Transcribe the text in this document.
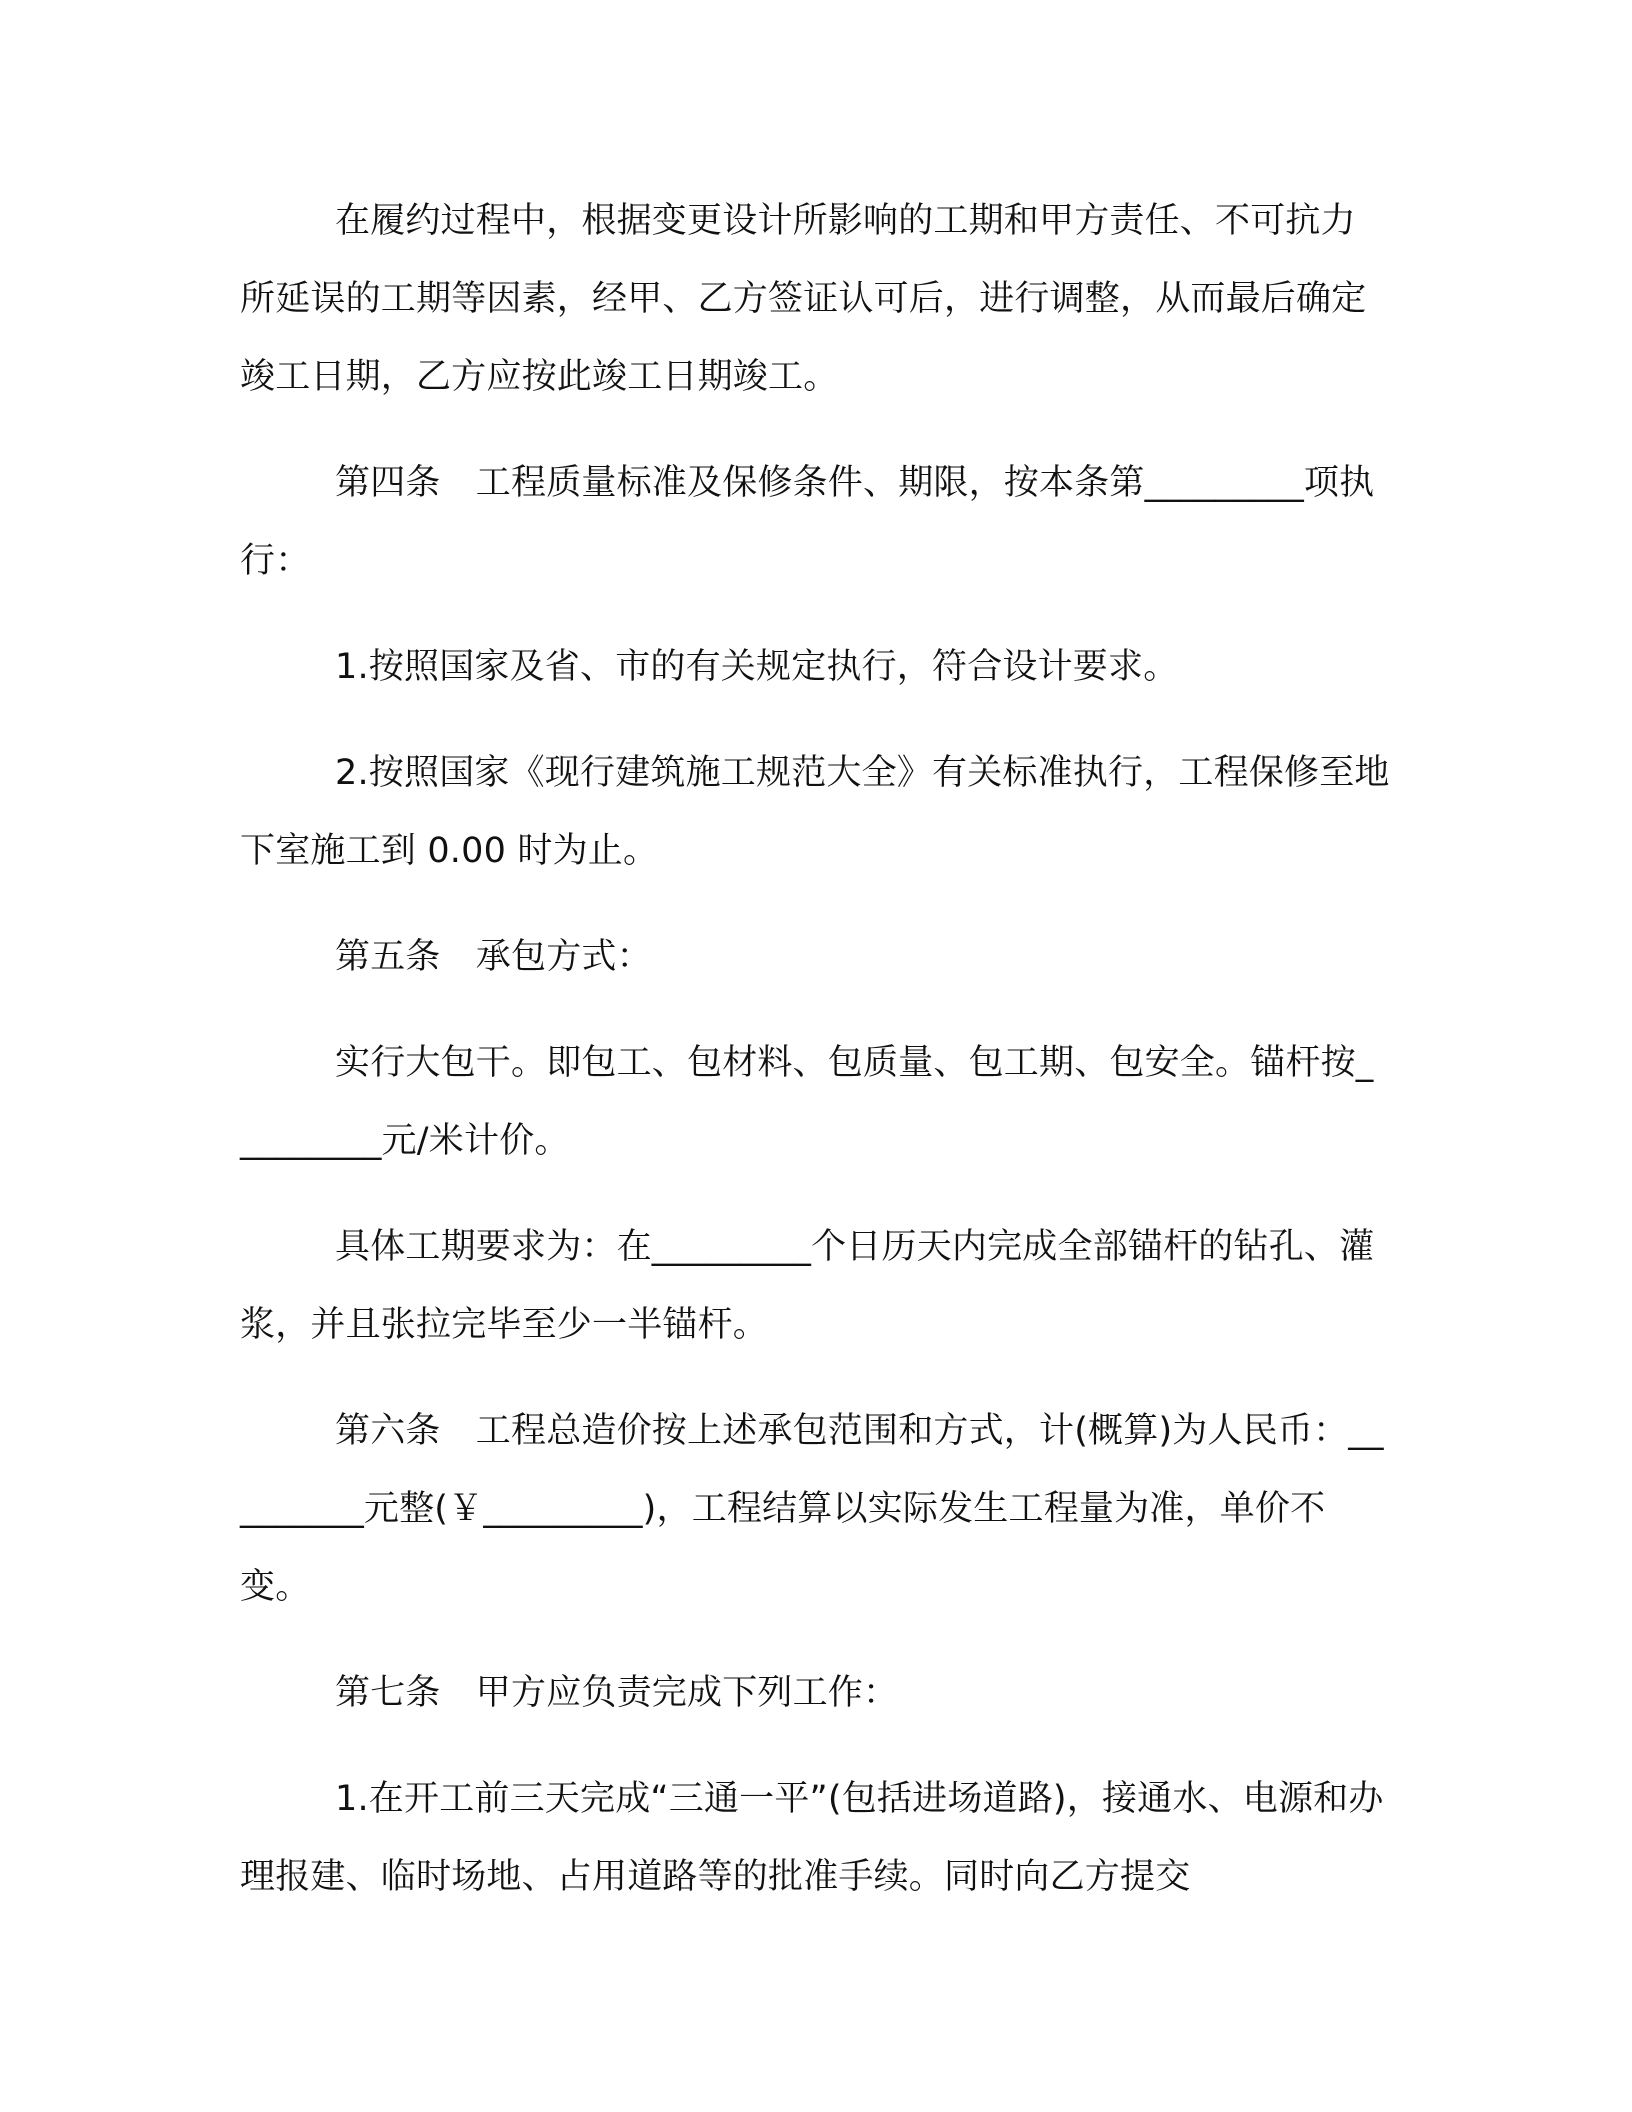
在履约过程中，根据变更设计所影响的工期和甲方责任、不可抗力所延误的工期等因素，经甲、乙方签证认可后，进行调整，从而最后确定竣工日期，乙方应按此竣工日期竣工。

第四条　工程质量标准及保修条件、期限，按本条第_________项执行：

1.按照国家及省、市的有关规定执行，符合设计要求。

2.按照国家《现行建筑施工规范大全》有关标准执行，工程保修至地下室施工到 0.00 时为止。

第五条　承包方式：

实行大包干。即包工、包材料、包质量、包工期、包安全。锚杆按_________元/米计价。

具体工期要求为：在_________个日历天内完成全部锚杆的钻孔、灌浆，并且张拉完毕至少一半锚杆。

第六条　工程总造价按上述承包范围和方式，计(概算)为人民币：_________元整(￥_________)，工程结算以实际发生工程量为准，单价不变。

第七条　甲方应负责完成下列工作：

1.在开工前三天完成“三通一平”(包括进场道路)，接通水、电源和办理报建、临时场地、占用道路等的批准手续。同时向乙方提交
